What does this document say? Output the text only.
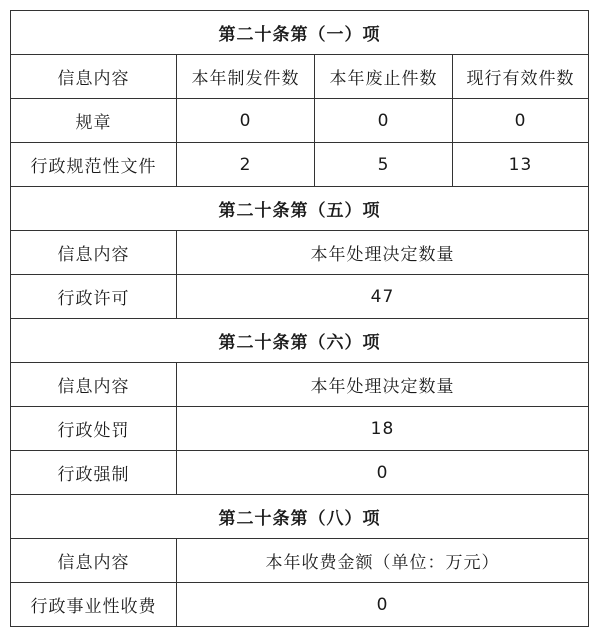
第二十条第（一）项			
信息内容	本年制发件数	本年废止件数	现行有效件数
规章	0	0	0
行政规范性文件	2	5	13
第二十条第（五）项			
信息内容	本年处理决定数量		
行政许可	47		
第二十条第（六）项			
信息内容	本年处理决定数量		
行政处罚	18		
行政强制	0		
第二十条第（八）项			
信息内容	本年收费金额（单位：万元）		
行政事业性收费	0		
